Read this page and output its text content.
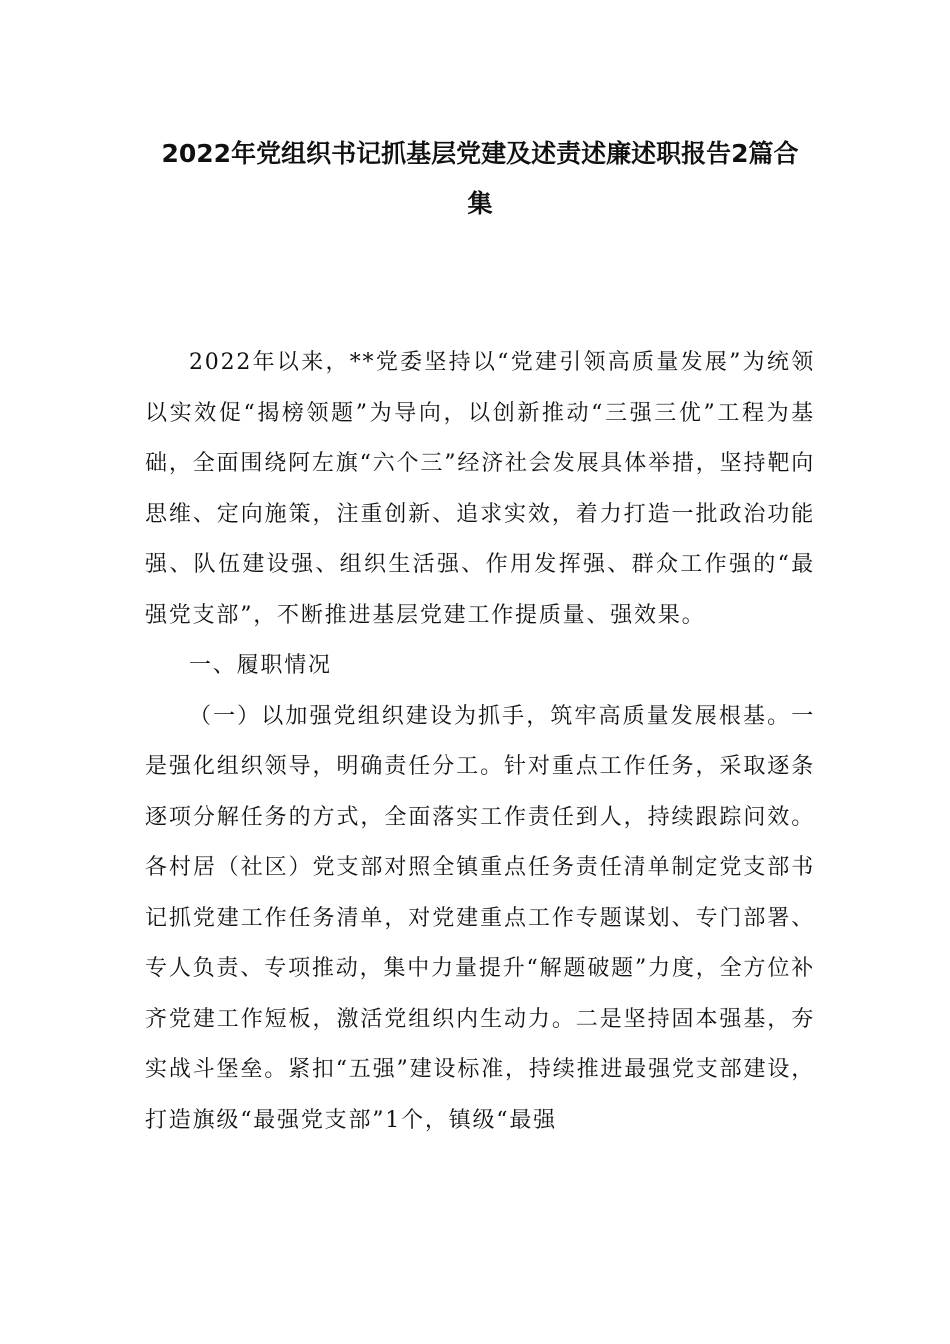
2022年党组织书记抓基层党建及述责述廉述职报告2篇合
集

2022年以来，**党委坚持以“党建引领高质量发展”为统领以实效促“揭榜领题”为导向，以创新推动“三强三优”工程为基础，全面围绕阿左旗“六个三”经济社会发展具体举措，坚持靶向思维、定向施策，注重创新、追求实效，着力打造一批政治功能强、队伍建设强、组织生活强、作用发挥强、群众工作强的“最强党支部”，不断推进基层党建工作提质量、强效果。

一、履职情况

（一）以加强党组织建设为抓手，筑牢高质量发展根基。一是强化组织领导，明确责任分工。针对重点工作任务，采取逐条逐项分解任务的方式，全面落实工作责任到人，持续跟踪问效。各村居（社区）党支部对照全镇重点任务责任清单制定党支部书记抓党建工作任务清单，对党建重点工作专题谋划、专门部署、专人负责、专项推动，集中力量提升“解题破题”力度，全方位补齐党建工作短板，激活党组织内生动力。二是坚持固本强基，夯实战斗堡垒。紧扣“五强”建设标准，持续推进最强党支部建设，打造旗级“最强党支部”1个，镇级“最强
